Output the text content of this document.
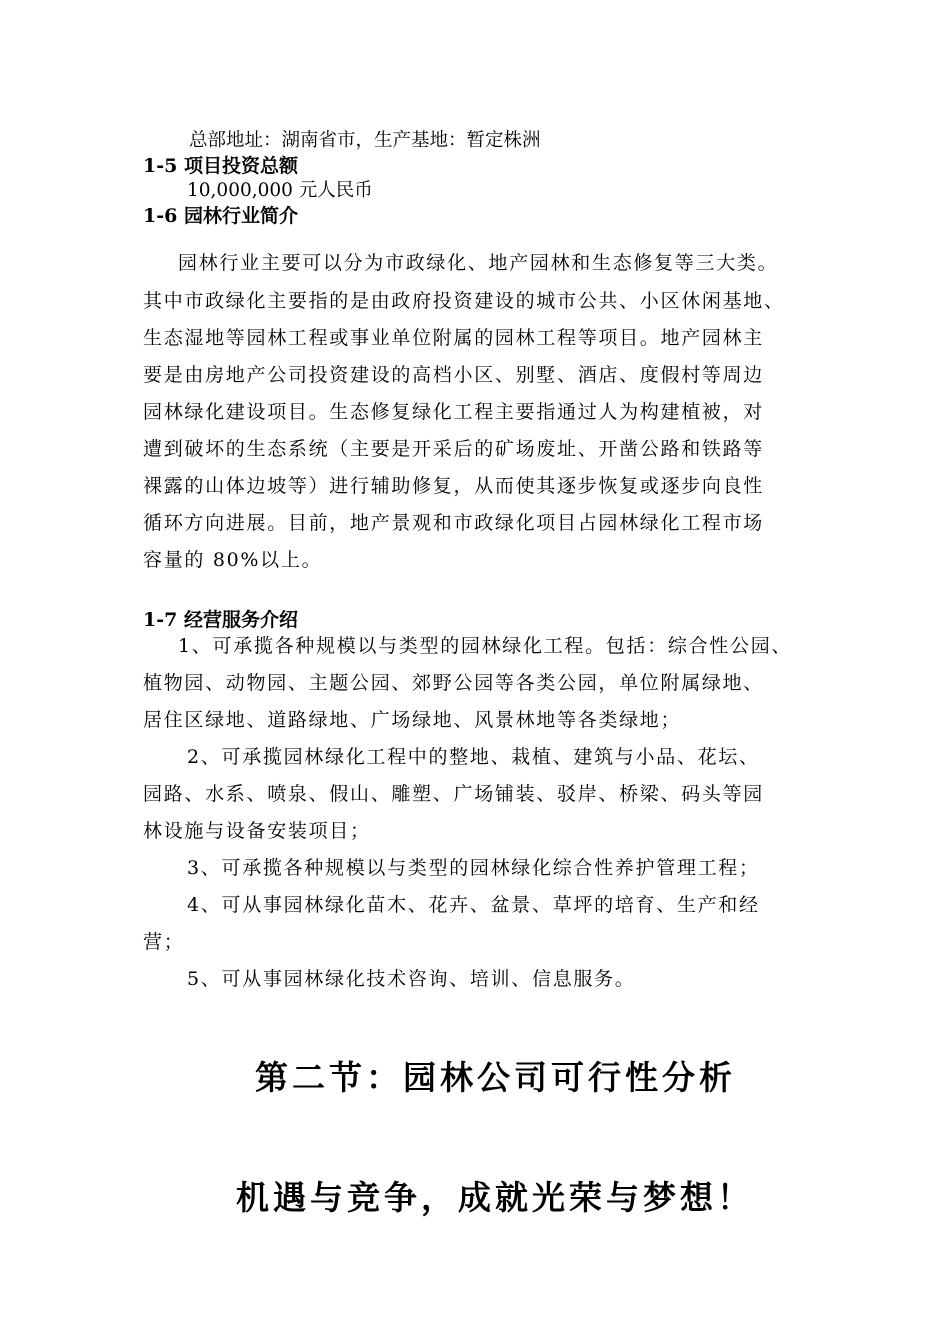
总部地址：湖南省市，生产基地：暂定株洲
1-5 项目投资总额
10,000,000 元人民币
1-6 园林行业简介
园林行业主要可以分为市政绿化、地产园林和生态修复等三大类。
其中市政绿化主要指的是由政府投资建设的城市公共、小区休闲基地、
生态湿地等园林工程或事业单位附属的园林工程等项目。地产园林主
要是由房地产公司投资建设的高档小区、别墅、酒店、度假村等周边
园林绿化建设项目。生态修复绿化工程主要指通过人为构建植被，对
遭到破坏的生态系统（主要是开采后的矿场废址、开凿公路和铁路等
裸露的山体边坡等）进行辅助修复，从而使其逐步恢复或逐步向良性
循环方向进展。目前，地产景观和市政绿化项目占园林绿化工程市场
容量的 80%以上。
1-7 经营服务介绍
1、可承揽各种规模以与类型的园林绿化工程。包括：综合性公园、
植物园、动物园、主题公园、郊野公园等各类公园，单位附属绿地、
居住区绿地、道路绿地、广场绿地、风景林地等各类绿地；
2、可承揽园林绿化工程中的整地、栽植、建筑与小品、花坛、
园路、水系、喷泉、假山、雕塑、广场铺装、驳岸、桥梁、码头等园
林设施与设备安装项目；
3、可承揽各种规模以与类型的园林绿化综合性养护管理工程；
4、可从事园林绿化苗木、花卉、盆景、草坪的培育、生产和经
营；
5、可从事园林绿化技术咨询、培训、信息服务。
第二节：园林公司可行性分析
机遇与竞争，成就光荣与梦想！
